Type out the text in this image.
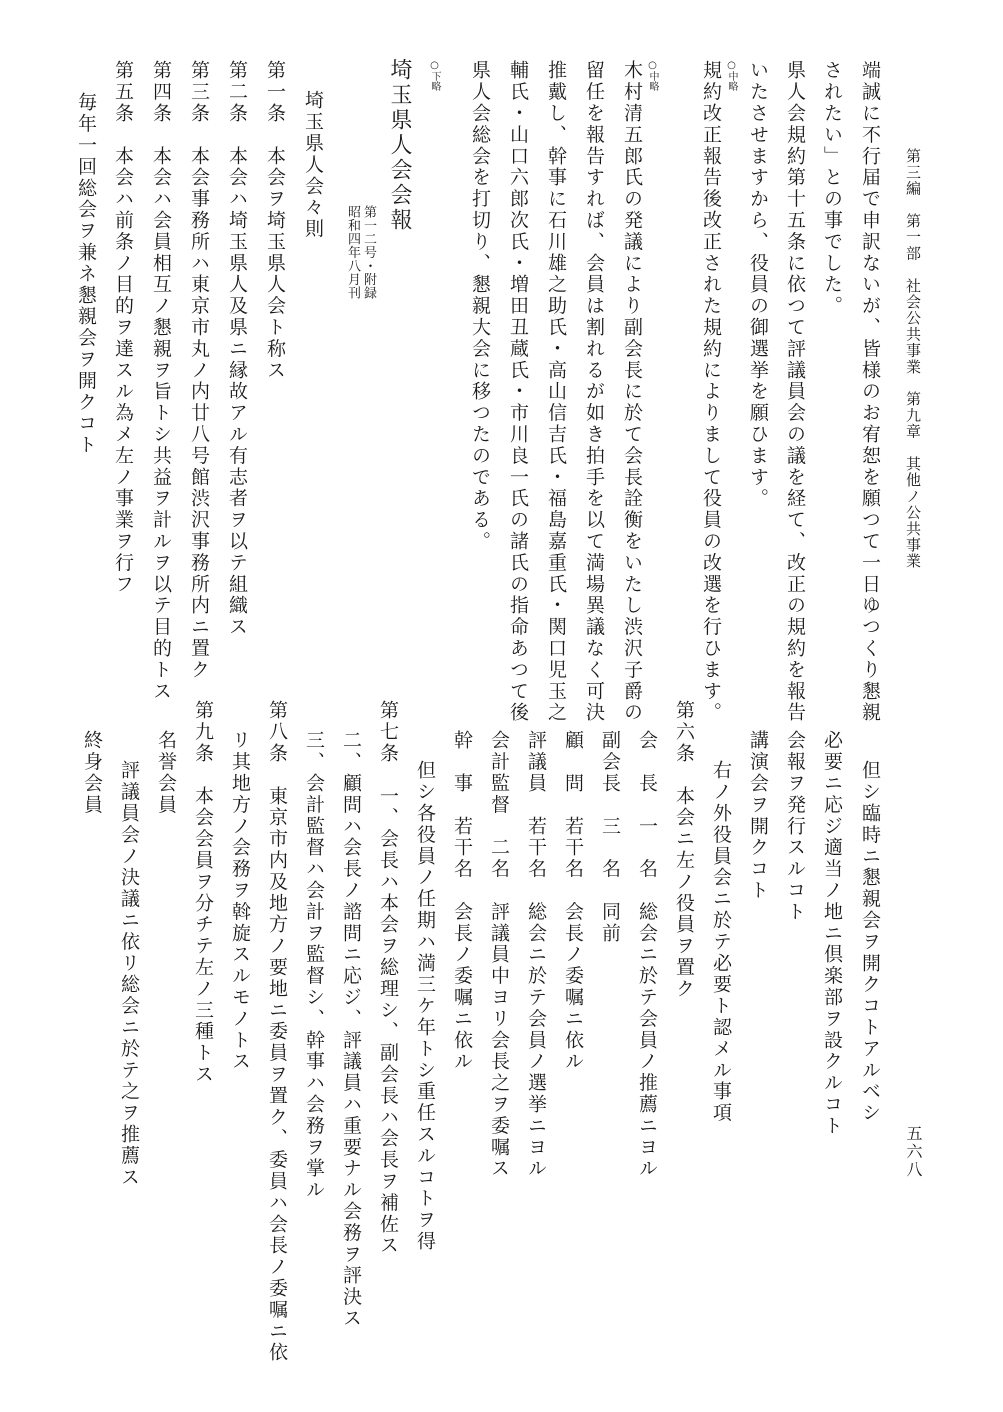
第三編　第一部　社会公共事業　第九章　其他ノ公共事業
五六八
端誠に不行届で申訳ないが、皆様のお宥恕を願つて一日ゆつくり懇親
されたい」との事でした。
県人会規約第十五条に依つて評議員会の議を経て、改正の規約を報告
いたさせますから、役員の御選挙を願ひます。
○中略
規約改正報告後改正された規約によりまして役員の改選を行ひます。
○中略
木村清五郎氏の発議により副会長に於て会長詮衡をいたし渋沢子爵の
留任を報告すれば、会員は割れるが如き拍手を以て満場異議なく可決
推戴し、幹事に石川雄之助氏・高山信吉氏・福島嘉重氏・関口児玉之
輔氏・山口六郎次氏・増田丑蔵氏・市川良一氏の諸氏の指命あつて後
県人会総会を打切り、懇親大会に移つたのである。
○下略
埼玉県人会会報
第一二号・附録
昭和四年八月刊
埼玉県人会々則
第一条　本会ヲ埼玉県人会ト称ス
第二条　本会ハ埼玉県人及県ニ縁故アル有志者ヲ以テ組織ス
第三条　本会事務所ハ東京市丸ノ内廿八号館渋沢事務所内ニ置ク
第四条　本会ハ会員相互ノ懇親ヲ旨トシ共益ヲ計ルヲ以テ目的トス
第五条　本会ハ前条ノ目的ヲ達スル為メ左ノ事業ヲ行フ
毎年一回総会ヲ兼ネ懇親会ヲ開クコト
但シ臨時ニ懇親会ヲ開クコトアルベシ
必要ニ応ジ適当ノ地ニ倶楽部ヲ設クルコト
会報ヲ発行スルコト
講演会ヲ開クコト
右ノ外役員会ニ於テ必要ト認メル事項
第六条　本会ニ左ノ役員ヲ置ク
会　長　一　名　総会ニ於テ会員ノ推薦ニヨル
副会長　三　名　同前
顧　問　若干名　会長ノ委嘱ニ依ル
評議員　若干名　総会ニ於テ会員ノ選挙ニヨル
会計監督　二名　評議員中ヨリ会長之ヲ委嘱ス
幹　事　若干名　会長ノ委嘱ニ依ル
但シ各役員ノ任期ハ満三ケ年トシ重任スルコトヲ得
第七条　一、会長ハ本会ヲ総理シ、副会長ハ会長ヲ補佐ス
二、顧問ハ会長ノ諮問ニ応ジ、評議員ハ重要ナル会務ヲ評決ス
三、会計監督ハ会計ヲ監督シ、幹事ハ会務ヲ掌ル
第八条　東京市内及地方ノ要地ニ委員ヲ置ク、委員ハ会長ノ委嘱ニ依
リ其地方ノ会務ヲ斡旋スルモノトス
第九条　本会会員ヲ分チテ左ノ三種トス
名誉会員
評議員会ノ決議ニ依リ総会ニ於テ之ヲ推薦ス
終身会員
